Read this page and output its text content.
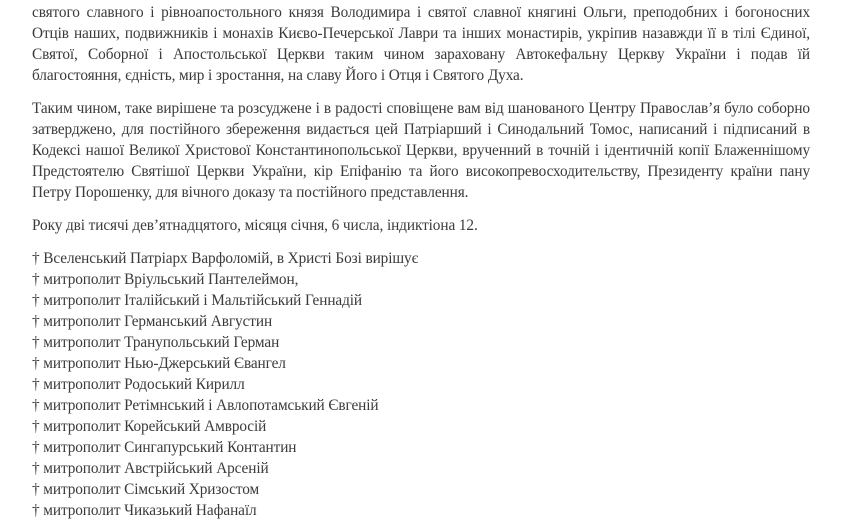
святого славного і рівноапостольного князя Володимира і святої славної княгині Ольги, преподобних і богоносних Отців наших, подвижників і монахів Києво-Печерської Лаври та інших монастирів, укріпив назавжди її в тілі Єдиної, Святої, Соборної і Апостольської Церкви таким чином зараховану Автокефальну Церкву України і подав їй благостояння, єдність, мир і зростання, на славу Його і Отця і Святого Духа.

Таким чином, таке вирішене та розсуджене і в радості сповіщене вам від шанованого Центру Православ’я було соборно затверджено, для постійного збереження видається цей Патріарший і Синодальний Томос, написаний і підписаний в Кодексі нашої Великої Христової Константинопольської Церкви, врученний в точній і ідентичній копії Блаженнішому Предстоятелю Святішої Церкви України, кір Епіфанію та його високопревосходительству, Президенту країни пану Петру Порошенку, для вічного доказу та постійного представлення.

Року дві тисячі дев’ятнадцятого, місяця січня, 6 числа, індиктіона 12.

† Вселенський Патріарх Варфоломій, в Христі Бозі вирішує
† митрополит Вріульський Пантелеймон,
† митрополит Італійський і Мальтійський Геннадій
† митрополит Германський Августин
† митрополит Транупольський Герман
† митрополит Нью-Джерський Євангел
† митрополит Родоський Кирилл
† митрополит Ретімнський і Авлопотамський Євгеній
† митрополит Корейський Амвросій
† митрополит Сингапурський Контантин
† митрополит Австрійський Арсеній
† митрополит Сімський Хризостом
† митрополит Чиказький Нафанаїл
